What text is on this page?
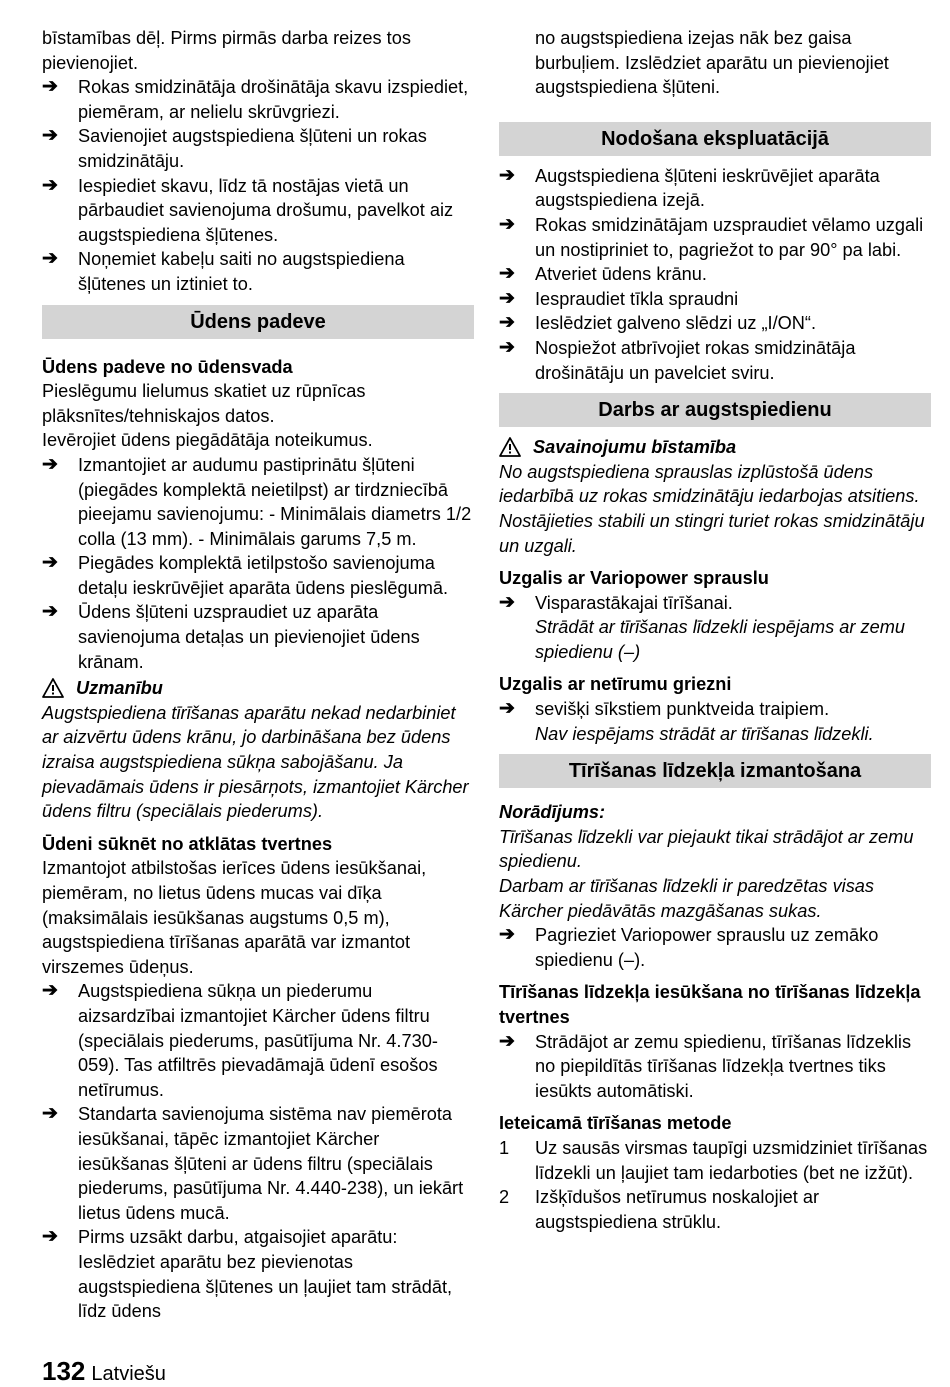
bīstamības dēļ. Pirms pirmās darba reizes tos pievienojiet.

➔ Rokas smidzinātāja drošinātāja skavu izspiediet, piemēram, ar nelielu skrūvgriezi.
➔ Savienojiet augstspiediena šļūteni un rokas smidzinātāju.
➔ Iespiediet skavu, līdz tā nostājas vietā un pārbaudiet savienojuma drošumu, pavelkot aiz augstspiediena šļūtenes.
➔ Noņemiet kabeļu saiti no augstspiediena šļūtenes un iztiniet to.
Ūdens padeve

Ūdens padeve no ūdensvada

Pieslēgumu lielumus skatiet uz rūpnīcas plāksnītes/tehniskajos datos.

Ievērojiet ūdens piegādātāja noteikumus.

➔ Izmantojiet ar audumu pastiprinātu šļūteni (piegādes komplektā neietilpst) ar tirdzniecībā pieejamu savienojumu: - Minimālais diametrs 1/2 colla (13 mm). - Minimālais garums 7,5 m.
➔ Piegādes komplektā ietilpstošo savienojuma detaļu ieskrūvējiet aparāta ūdens pieslēgumā.
➔ Ūdens šļūteni uzspraudiet uz aparāta savienojuma detaļas un pievienojiet ūdens krānam.

Uzmanību

Augstspiediena tīrīšanas aparātu nekad nedarbiniet ar aizvērtu ūdens krānu, jo darbināšana bez ūdens izraisa augstspiediena sūkņa sabojāšanu. Ja pievadāmais ūdens ir piesārņots, izmantojiet Kärcher ūdens filtru (speciālais piederums).

Ūdeni sūknēt no atklātas tvertnes

Izmantojot atbilstošas ierīces ūdens iesūkšanai, piemēram, no lietus ūdens mucas vai dīķa (maksimālais iesūkšanas augstums 0,5 m), augstspiediena tīrīšanas aparātā var izmantot virszemes ūdeņus.

➔ Augstspiediena sūkņa un piederumu aizsardzībai izmantojiet Kärcher ūdens filtru (speciālais piederums, pasūtījuma Nr. 4.730-059). Tas atfiltrēs pievadāmajā ūdenī esošos netīrumus.
➔ Standarta savienojuma sistēma nav piemērota iesūkšanai, tāpēc izmantojiet Kärcher iesūkšanas šļūteni ar ūdens filtru (speciālais piederums, pasūtījuma Nr. 4.440-238), un iekārt lietus ūdens mucā.
➔ Pirms uzsākt darbu, atgaisojiet aparātu: Ieslēdziet aparātu bez pievienotas augstspiediena šļūtenes un ļaujiet tam strādāt, līdz ūdens

no augstspiediena izejas nāk bez gaisa burbuļiem. Izslēdziet aparātu un pievienojiet augstspiediena šļūteni.

Nodošana ekspluatācijā
➔ Augstspiediena šļūteni ieskrūvējiet aparāta augstspiediena izejā.
➔ Rokas smidzinātājam uzspraudiet vēlamo uzgali un nostipriniet to, pagriežot to par 90° pa labi.
➔ Atveriet ūdens krānu.
➔ Iespraudiet tīkla spraudni
➔ Ieslēdziet galveno slēdzi uz „I/ON“.
➔ Nospiežot atbrīvojiet rokas smidzinātāja drošinātāju un pavelciet sviru.
Darbs ar augstspiedienu

Savainojumu bīstamība

No augstspiediena sprauslas izplūstošā ūdens iedarbībā uz rokas smidzinātāju iedarbojas atsitiens. Nostājieties stabili un stingri turiet rokas smidzinātāju un uzgali.

Uzgalis ar Variopower sprauslu

➔ Visparastākajai tīrīšanai.

Strādāt ar tīrīšanas līdzekli iespējams ar zemu spiedienu (–)

Uzgalis ar netīrumu griezni

➔ sevišķi sīkstiem punktveida traipiem.

Nav iespējams strādāt ar tīrīšanas līdzekli.

Tīrīšanas līdzekļa izmantošana

Norādījums:

Tīrīšanas līdzekli var piejaukt tikai strādājot ar zemu spiedienu.

Darbam ar tīrīšanas līdzekli ir paredzētas visas Kärcher piedāvātās mazgāšanas sukas.

➔ Pagrieziet Variopower sprauslu uz zemāko spiedienu (–).

Tīrīšanas līdzekļa iesūkšana no tīrīšanas līdzekļa tvertnes

➔ Strādājot ar zemu spiedienu, tīrīšanas līdzeklis no piepildītās tīrīšanas līdzekļa tvertnes tiks iesūkts automātiski.

Ieteicamā tīrīšanas metode

1 Uz sausās virsmas taupīgi uzsmidziniet tīrīšanas līdzekli un ļaujiet tam iedarboties (bet ne izžūt).
2 Izšķīdušos netīrumus noskalojiet ar augstspiediena strūklu.
132 Latviešu
